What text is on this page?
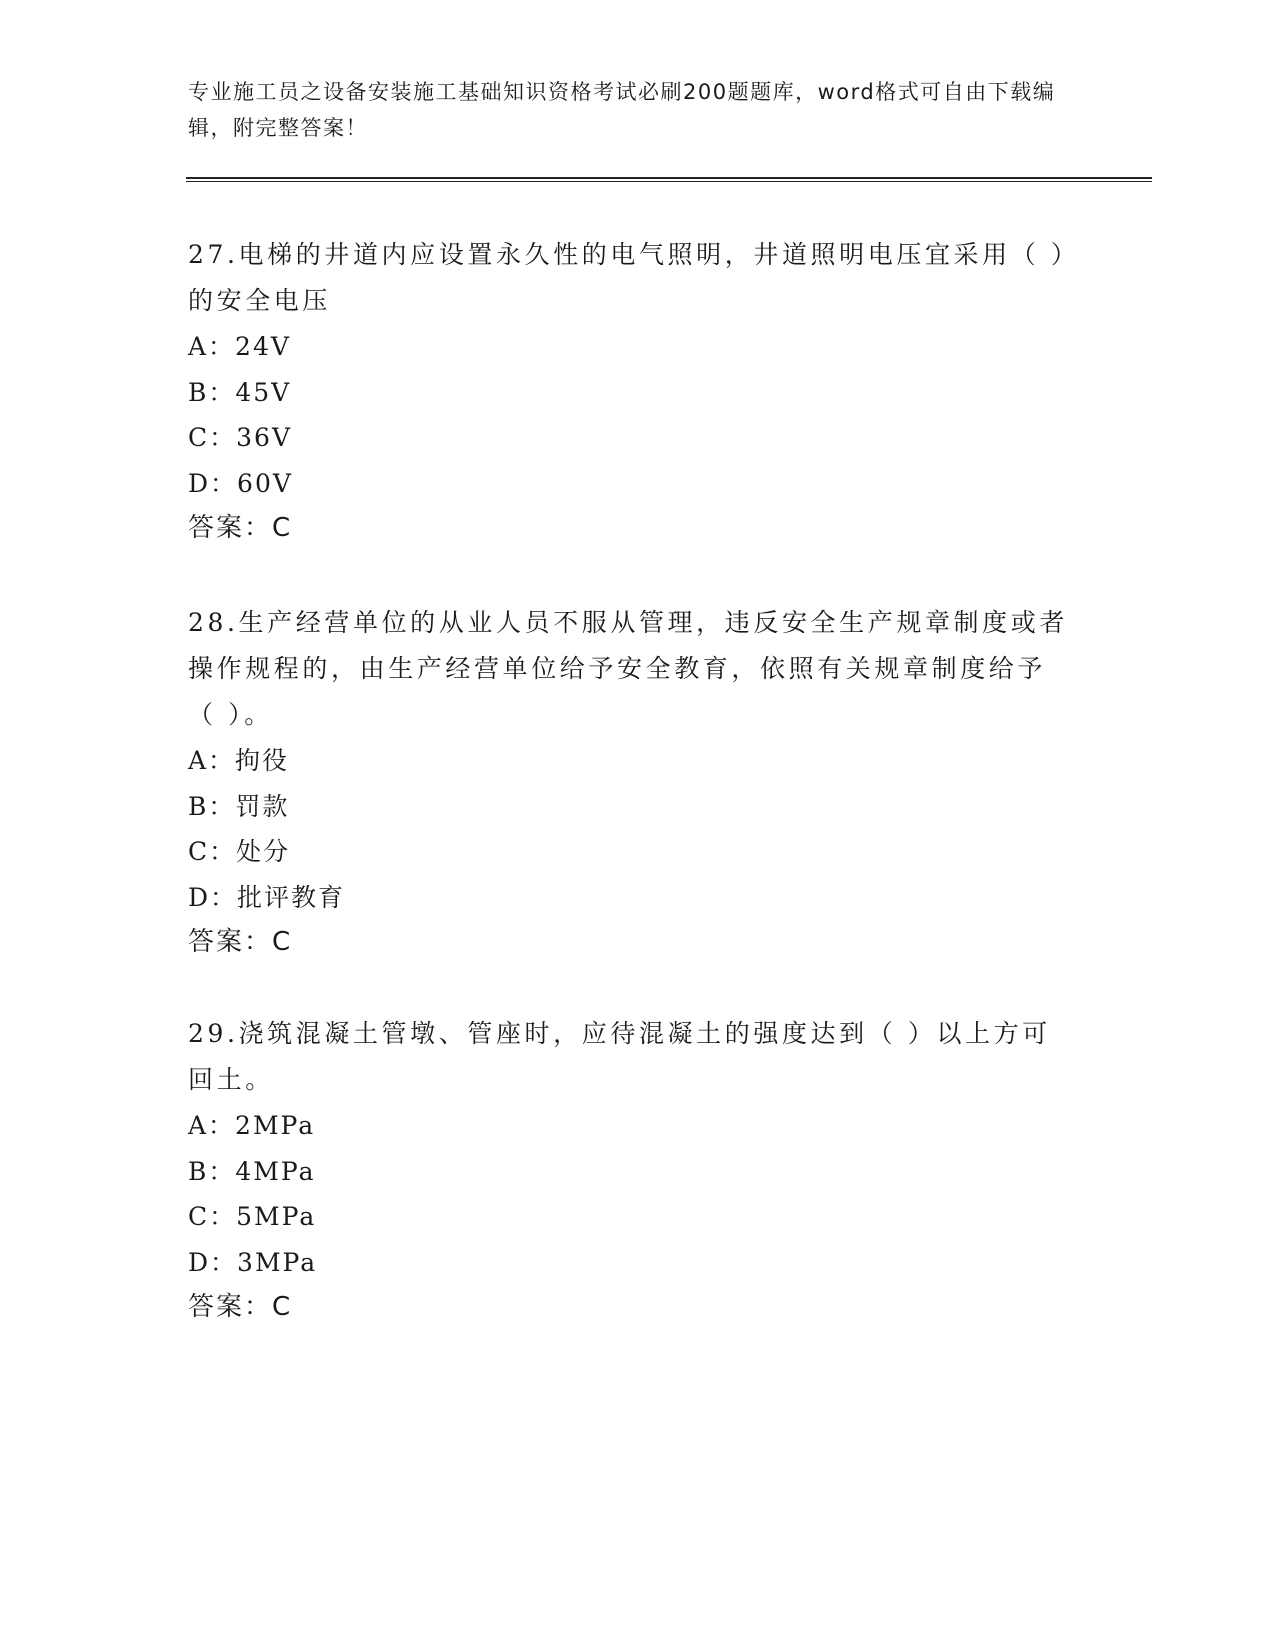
专业施工员之设备安装施工基础知识资格考试必刷200题题库，word格式可自由下载编辑，附完整答案！

27.电梯的井道内应设置永久性的电气照明，井道照明电压宜采用（ ）的安全电压

A：24V
B：45V
C：36V
D：60V
答案：C

28.生产经营单位的从业人员不服从管理，违反安全生产规章制度或者操作规程的，由生产经营单位给予安全教育，依照有关规章制度给予（ ）。

A：拘役
B：罚款
C：处分
D：批评教育
答案：C

29.浇筑混凝土管墩、管座时，应待混凝土的强度达到（ ）以上方可回土。

A：2MPa
B：4MPa
C：5MPa
D：3MPa
答案：C
